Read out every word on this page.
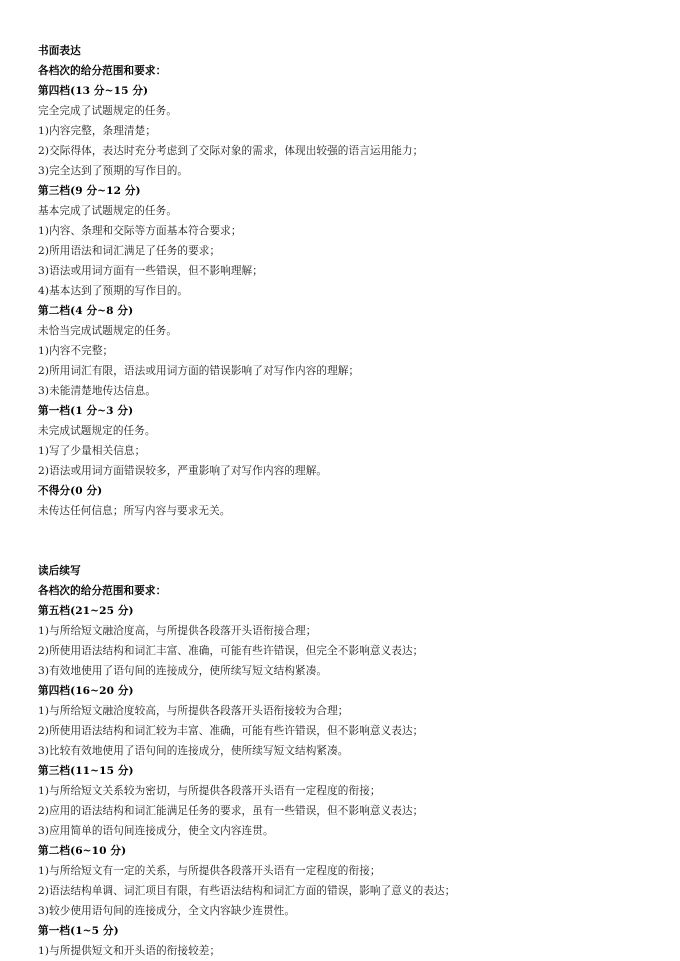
书面表达
各档次的给分范围和要求：
第四档(13 分~15 分)
完全完成了试题规定的任务。
1)内容完整，条理清楚；
2)交际得体，表达时充分考虑到了交际对象的需求，体现出较强的语言运用能力；
3)完全达到了预期的写作目的。
第三档(9 分~12 分)
基本完成了试题规定的任务。
1)内容、条理和交际等方面基本符合要求；
2)所用语法和词汇满足了任务的要求；
3)语法或用词方面有一些错误，但不影响理解；
4)基本达到了预期的写作目的。
第二档(4 分~8 分)
未恰当完成试题规定的任务。
1)内容不完整；
2)所用词汇有限，语法或用词方面的错误影响了对写作内容的理解；
3)未能清楚地传达信息。
第一档(1 分~3 分)
未完成试题规定的任务。
1)写了少量相关信息；
2)语法或用词方面错误较多，严重影响了对写作内容的理解。
不得分(0 分)
未传达任何信息；所写内容与要求无关。
读后续写
各档次的给分范围和要求：
第五档(21~25 分)
1)与所给短文融洽度高，与所提供各段落开头语衔接合理；
2)所使用语法结构和词汇丰富、准确，可能有些许错误，但完全不影响意义表达；
3)有效地使用了语句间的连接成分，使所续写短文结构紧凑。
第四档(16~20 分)
1)与所给短文融洽度较高，与所提供各段落开头语衔接较为合理；
2)所使用语法结构和词汇较为丰富、准确，可能有些许错误，但不影响意义表达；
3)比较有效地使用了语句间的连接成分，使所续写短文结构紧凑。
第三档(11~15 分)
1)与所给短文关系较为密切，与所提供各段落开头语有一定程度的衔接；
2)应用的语法结构和词汇能满足任务的要求，虽有一些错误，但不影响意义表达；
3)应用简单的语句间连接成分，使全文内容连贯。
第二档(6~10 分)
1)与所给短文有一定的关系，与所提供各段落开头语有一定程度的衔接；
2)语法结构单调、词汇项目有限，有些语法结构和词汇方面的错误，影响了意义的表达；
3)较少使用语句间的连接成分，全文内容缺少连贯性。
第一档(1~5 分)
1)与所提供短文和开头语的衔接较差；
